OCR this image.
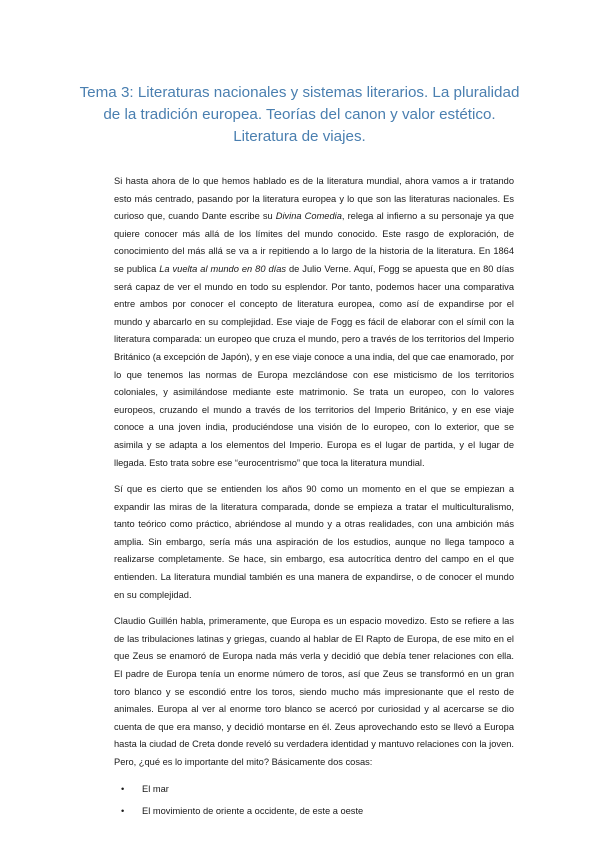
Tema 3: Literaturas nacionales y sistemas literarios. La pluralidad
de la tradición europea. Teorías del canon y valor estético.
Literatura de viajes.

Si hasta ahora de lo que hemos hablado es de la literatura mundial, ahora vamos a ir tratando esto más centrado, pasando por la literatura europea y lo que son las literaturas nacionales. Es curioso que, cuando Dante escribe su Divina Comedia, relega al infierno a su personaje ya que quiere conocer más allá de los límites del mundo conocido. Este rasgo de exploración, de conocimiento del más allá se va a ir repitiendo a lo largo de la historia de la literatura. En 1864 se publica La vuelta al mundo en 80 días de Julio Verne. Aquí, Fogg se apuesta que en 80 días será capaz de ver el mundo en todo su esplendor. Por tanto, podemos hacer una comparativa entre ambos por conocer el concepto de literatura europea, como así de expandirse por el mundo y abarcarlo en su complejidad. Ese viaje de Fogg es fácil de elaborar con el símil con la literatura comparada: un europeo que cruza el mundo, pero a través de los territorios del Imperio Británico (a excepción de Japón), y en ese viaje conoce a una india, del que cae enamorado, por lo que tenemos las normas de Europa mezclándose con ese misticismo de los territorios coloniales, y asimilándose mediante este matrimonio. Se trata un europeo, con lo valores europeos, cruzando el mundo a través de los territorios del Imperio Británico, y en ese viaje conoce a una joven india, produciéndose una visión de lo europeo, con lo exterior, que se asimila y se adapta a los elementos del Imperio. Europa es el lugar de partida, y el lugar de llegada. Esto trata sobre ese “eurocentrismo” que toca la literatura mundial.

Sí que es cierto que se entienden los años 90 como un momento en el que se empiezan a expandir las miras de la literatura comparada, donde se empieza a tratar el multiculturalismo, tanto teórico como práctico, abriéndose al mundo y a otras realidades, con una ambición más amplia. Sin embargo, sería más una aspiración de los estudios, aunque no llega tampoco a realizarse completamente. Se hace, sin embargo, esa autocrítica dentro del campo en el que entienden. La literatura mundial también es una manera de expandirse, o de conocer el mundo en su complejidad.

Claudio Guillén habla, primeramente, que Europa es un espacio movedizo. Esto se refiere a las de las tribulaciones latinas y griegas, cuando al hablar de El Rapto de Europa, de ese mito en el que Zeus se enamoró de Europa nada más verla y decidió que debía tener relaciones con ella. El padre de Europa tenía un enorme número de toros, así que Zeus se transformó en un gran toro blanco y se escondió entre los toros, siendo mucho más impresionante que el resto de animales. Europa al ver al enorme toro blanco se acercó por curiosidad y al acercarse se dio cuenta de que era manso, y decidió montarse en él. Zeus aprovechando esto se llevó a Europa hasta la ciudad de Creta donde reveló su verdadera identidad y mantuvo relaciones con la joven. Pero, ¿qué es lo importante del mito? Básicamente dos cosas:

• El mar
• El movimiento de oriente a occidente, de este a oeste
